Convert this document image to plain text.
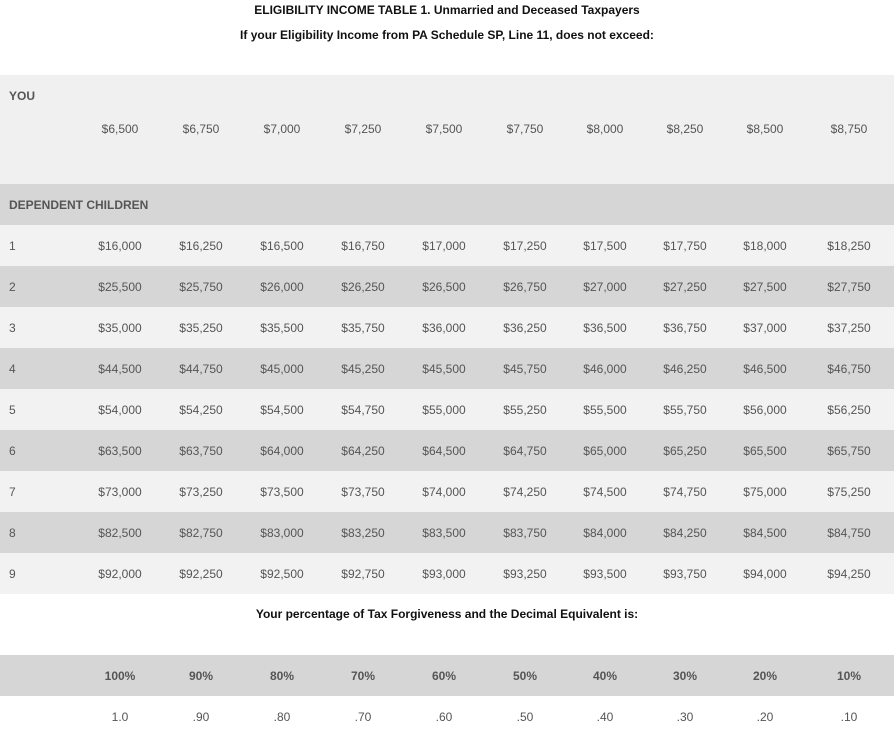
ELIGIBILITY INCOME TABLE 1. Unmarried and Deceased Taxpayers
If your Eligibility Income from PA Schedule SP, Line 11, does not exceed:
YOU
$6,500	$6,750	$7,000	$7,250	$7,500	$7,750	$8,000	$8,250	$8,500	$8,750
DEPENDENT CHILDREN
1	$16,000	$16,250	$16,500	$16,750	$17,000	$17,250	$17,500	$17,750	$18,000	$18,250
2	$25,500	$25,750	$26,000	$26,250	$26,500	$26,750	$27,000	$27,250	$27,500	$27,750
3	$35,000	$35,250	$35,500	$35,750	$36,000	$36,250	$36,500	$36,750	$37,000	$37,250
4	$44,500	$44,750	$45,000	$45,250	$45,500	$45,750	$46,000	$46,250	$46,500	$46,750
5	$54,000	$54,250	$54,500	$54,750	$55,000	$55,250	$55,500	$55,750	$56,000	$56,250
6	$63,500	$63,750	$64,000	$64,250	$64,500	$64,750	$65,000	$65,250	$65,500	$65,750
7	$73,000	$73,250	$73,500	$73,750	$74,000	$74,250	$74,500	$74,750	$75,000	$75,250
8	$82,500	$82,750	$83,000	$83,250	$83,500	$83,750	$84,000	$84,250	$84,500	$84,750
9	$92,000	$92,250	$92,500	$92,750	$93,000	$93,250	$93,500	$93,750	$94,000	$94,250
Your percentage of Tax Forgiveness and the Decimal Equivalent is:
100%	90%	80%	70%	60%	50%	40%	30%	20%	10%
1.0	.90	.80	.70	.60	.50	.40	.30	.20	.10
